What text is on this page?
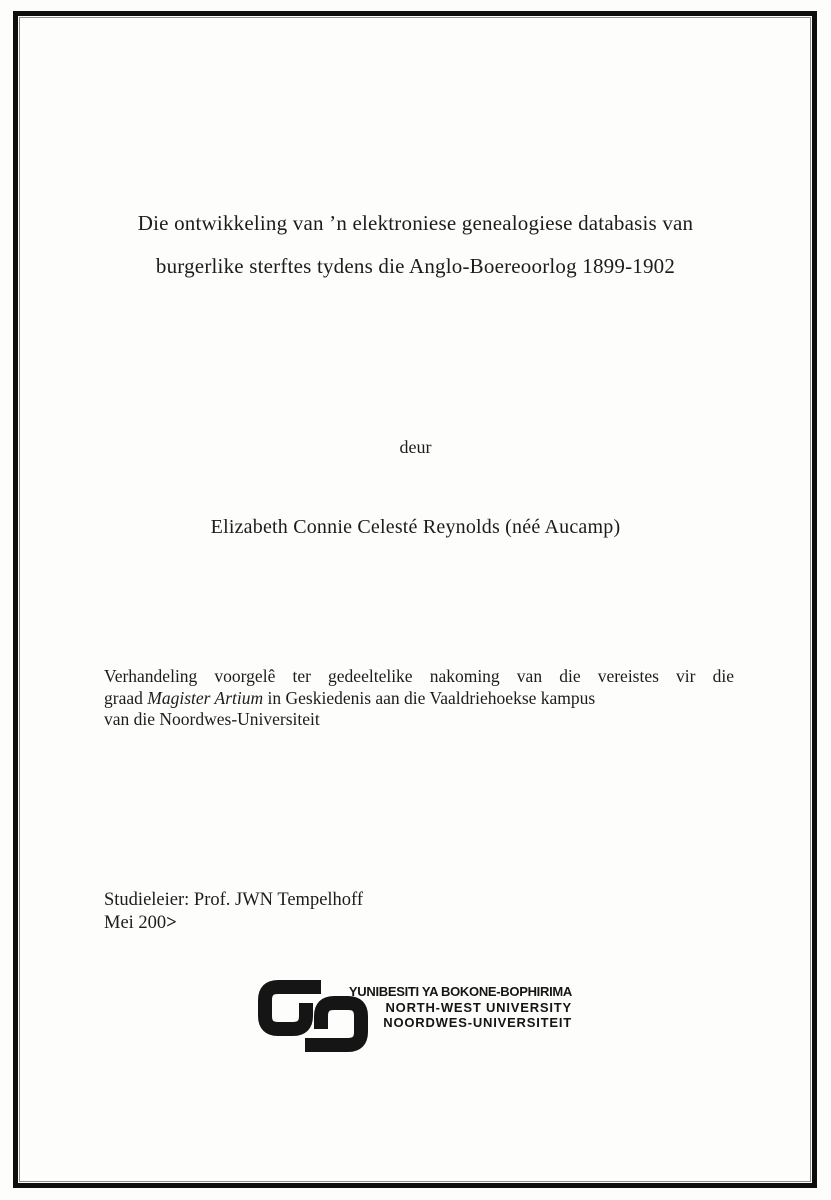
Die ontwikkeling van ’n elektroniese genealogiese databasis van
burgerlike sterftes tydens die Anglo-Boereoorlog 1899-1902
deur
Elizabeth Connie Celesté Reynolds (néé Aucamp)
Verhandeling voorgelê ter gedeeltelike nakoming van die vereistes vir die
graad Magister Artium in Geskiedenis aan die Vaaldriehoekse kampus
van die Noordwes-Universiteit
Studieleier: Prof. JWN Tempelhoff
Mei 200>
YUNIBESITI YA BOKONE-BOPHIRIMA
NORTH-WEST UNIVERSITY
NOORDWES-UNIVERSITEIT
